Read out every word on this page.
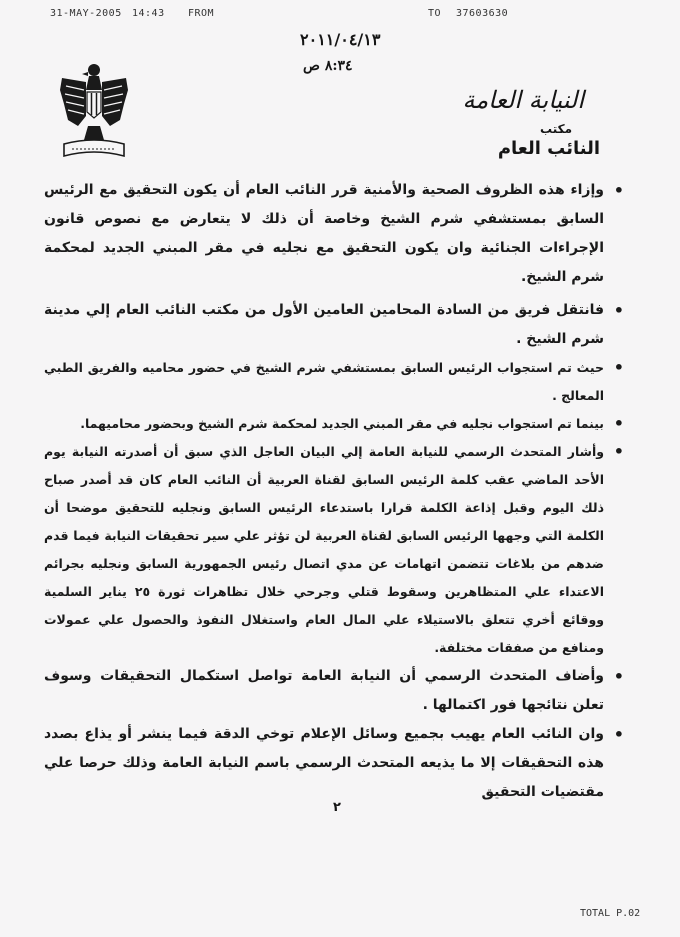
31-MAY-2005 14:43 FROM	TO 37603630
٢٠١١/٠٤/١٣
٨:٣٤ ص
النيابة العامة
مكتب
النائب العام

• وإزاء هذه الظروف الصحية والأمنية قرر النائب العام أن يكون التحقيق مع الرئيس السابق بمستشفي شرم الشيخ وخاصة أن ذلك لا يتعارض مع نصوص قانون الإجراءات الجنائية وان يكون التحقيق مع نجليه في مقر المبني الجديد لمحكمة شرم الشيخ.

• فانتقل فريق من السادة المحامين العامين الأول من مكتب النائب العام إلي مدينة شرم الشيخ .

• حيث تم استجواب الرئيس السابق بمستشفي شرم الشيخ في حضور محاميه والفريق الطبي المعالج .

• بينما تم استجواب نجليه في مقر المبني الجديد لمحكمة شرم الشيخ وبحضور محاميهما.

• وأشار المتحدث الرسمي للنيابة العامة إلي البيان العاجل الذي سبق أن أصدرته النيابة يوم الأحد الماضي عقب كلمة الرئيس السابق لقناة العربية أن النائب العام كان قد أصدر صباح ذلك اليوم وقبل إذاعة الكلمة قرارا باستدعاء الرئيس السابق ونجليه للتحقيق موضحا أن الكلمة التي وجهها الرئيس السابق لقناة العربية لن تؤثر علي سير تحقيقات النيابة فيما قدم ضدهم من بلاغات تتضمن اتهامات عن مدي اتصال رئيس الجمهورية السابق ونجليه بجرائم الاعتداء علي المتظاهرين وسقوط قتلي وجرحي خلال تظاهرات ثورة ٢٥ يناير السلمية ووقائع أخري تتعلق بالاستيلاء علي المال العام واستغلال النفوذ والحصول علي عمولات ومنافع من صفقات مختلفة.

• وأضاف المتحدث الرسمي أن النيابة العامة تواصل استكمال التحقيقات وسوف تعلن نتائجها فور اكتمالها .

• وان النائب العام يهيب بجميع وسائل الإعلام توخي الدقة فيما ينشر أو يذاع بصدد هذه التحقيقات إلا ما يذيعه المتحدث الرسمي باسم النيابة العامة وذلك حرصا علي مقتضيات التحقيق

٢
TOTAL P.02
